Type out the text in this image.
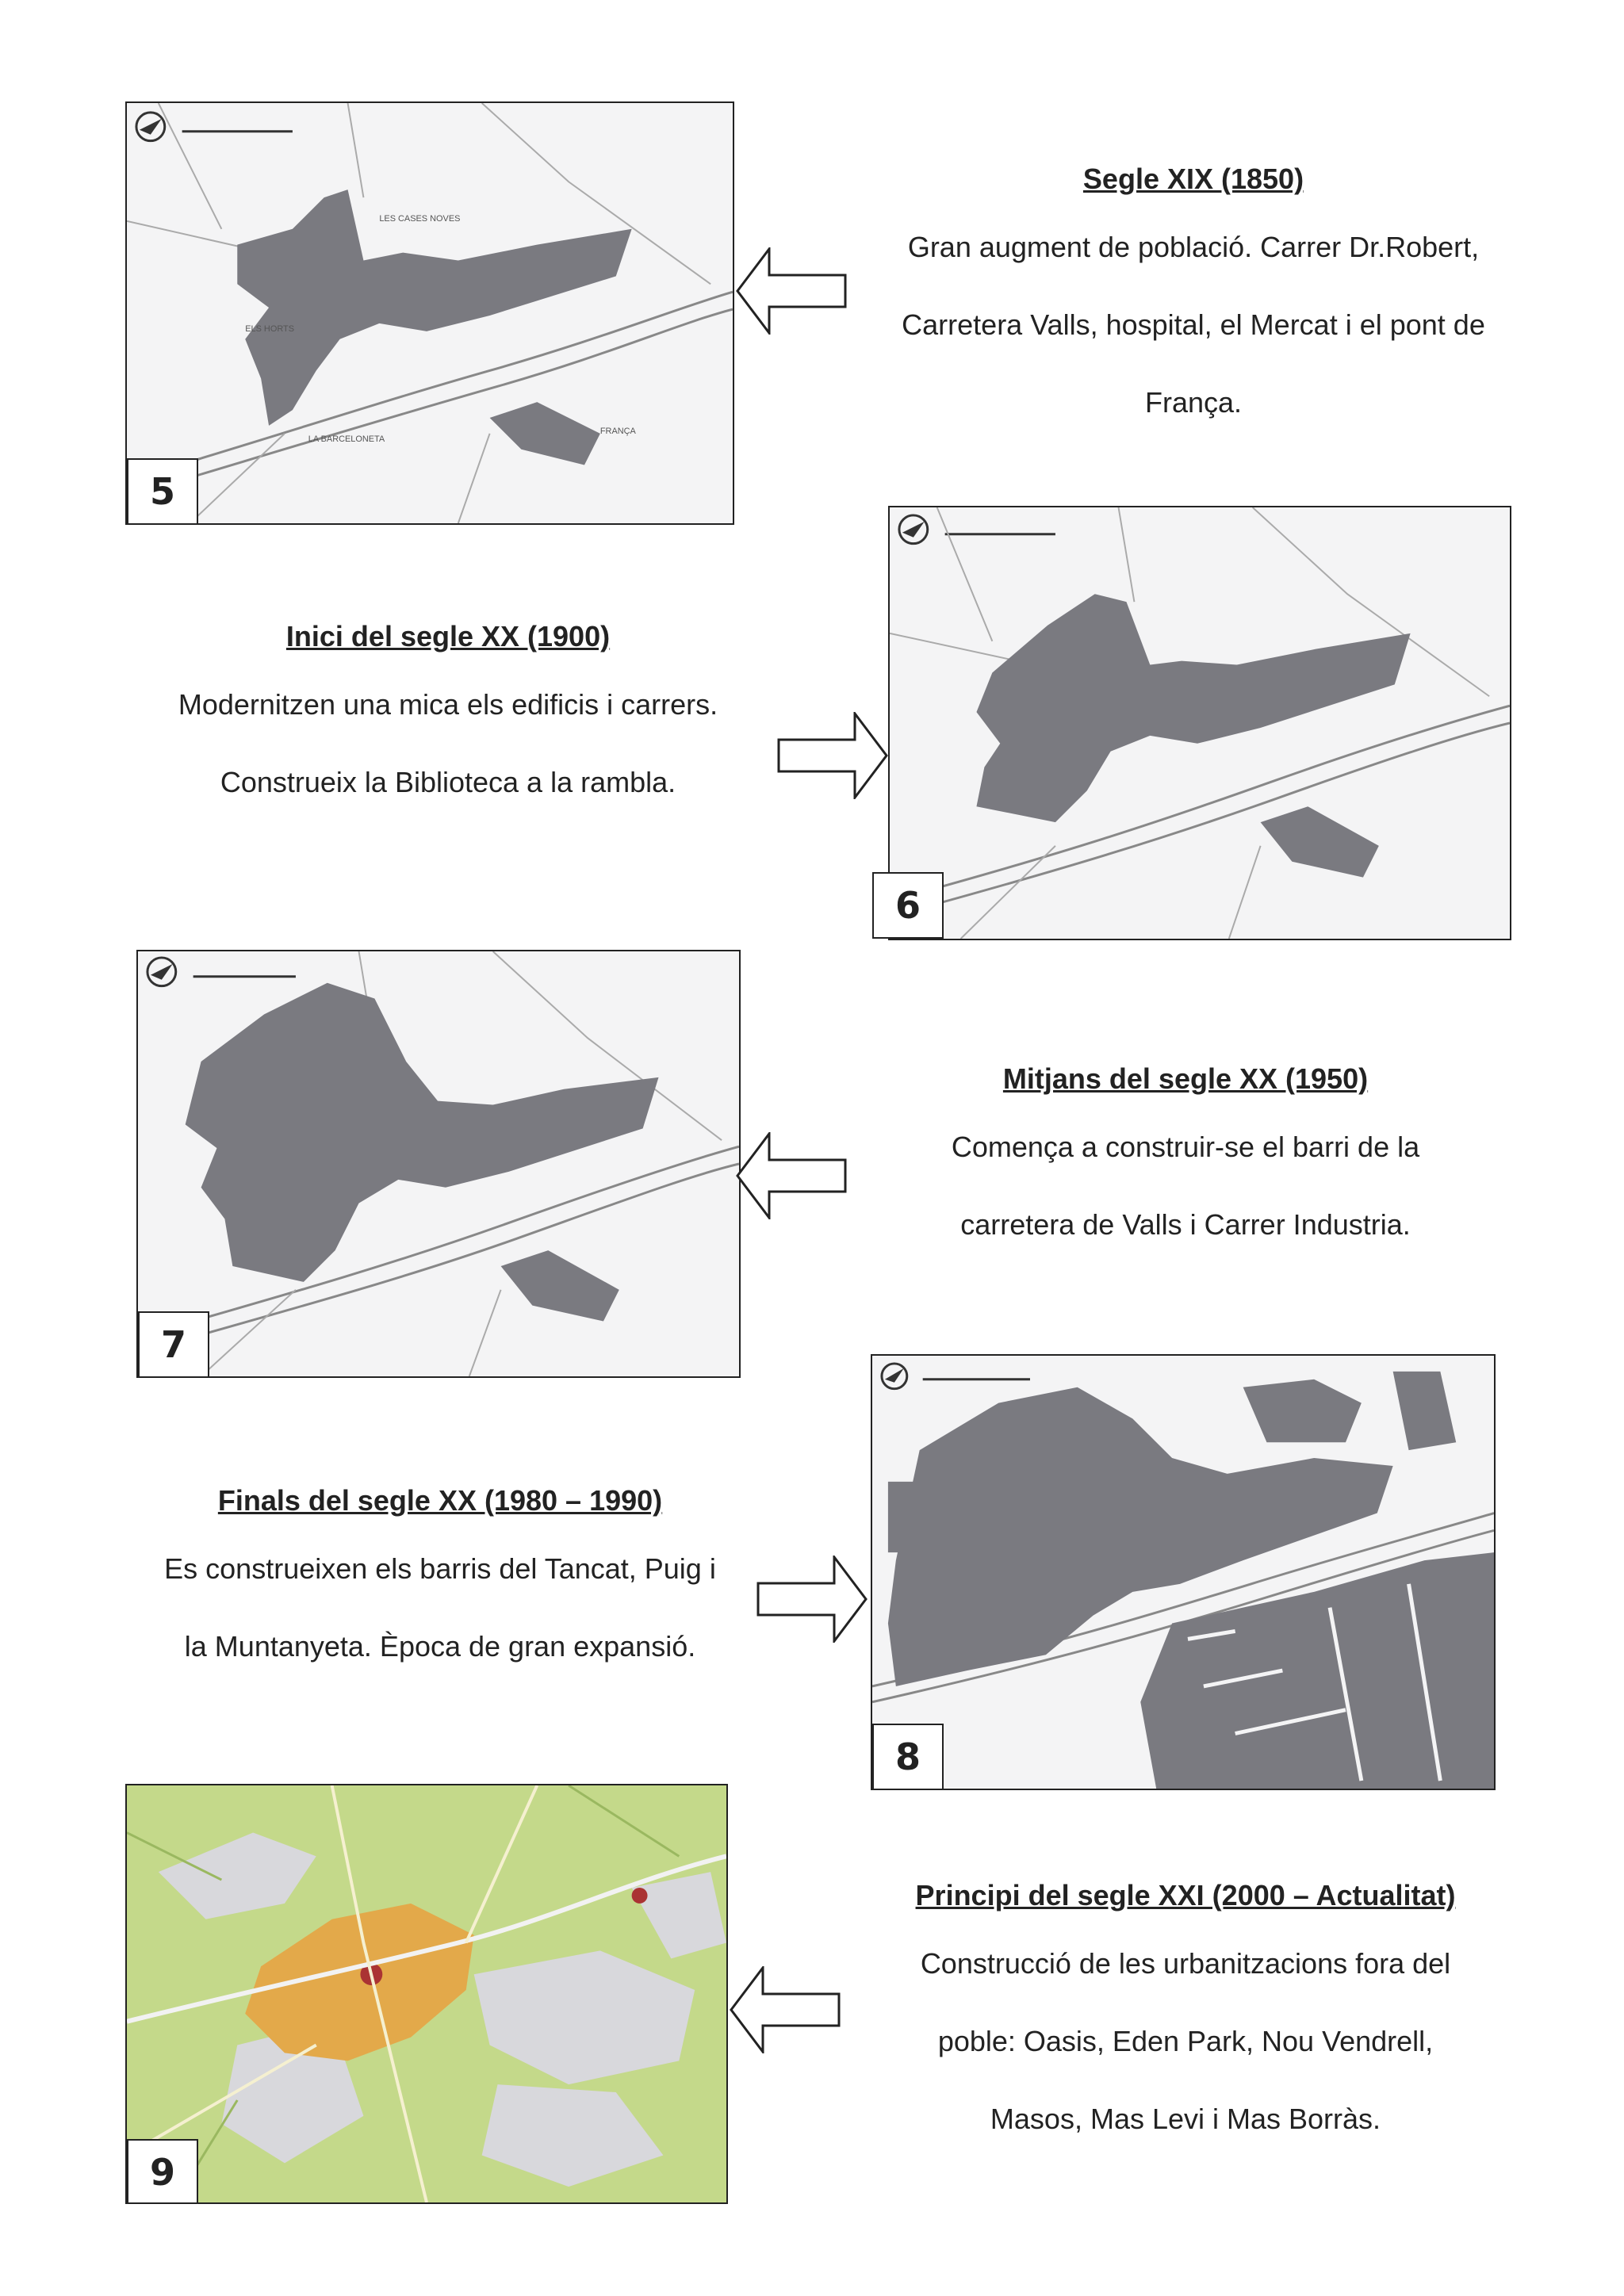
LES CASES NOVES
ELS HORTS
LA BARCELONETA
FRANÇA
5
Segle XIX (1850)

Gran augment de població. Carrer Dr.Robert,

Carretera Valls, hospital, el Mercat i el pont de

França.

Inici del segle XX (1900)

Modernitzen una mica els edificis i carrers.

Construeix la Biblioteca a la rambla.

6
7
Mitjans del segle XX (1950)

Comença a construir-se el barri de la

carretera de Valls i Carrer Industria.

Finals del segle XX (1980 – 1990)

Es construeixen els barris del Tancat, Puig i

la Muntanyeta. Època de gran expansió.

8
9
Principi del segle XXI (2000 – Actualitat)

Construcció de les urbanitzacions fora del

poble: Oasis, Eden Park, Nou Vendrell,

Masos, Mas Levi i Mas Borràs.
